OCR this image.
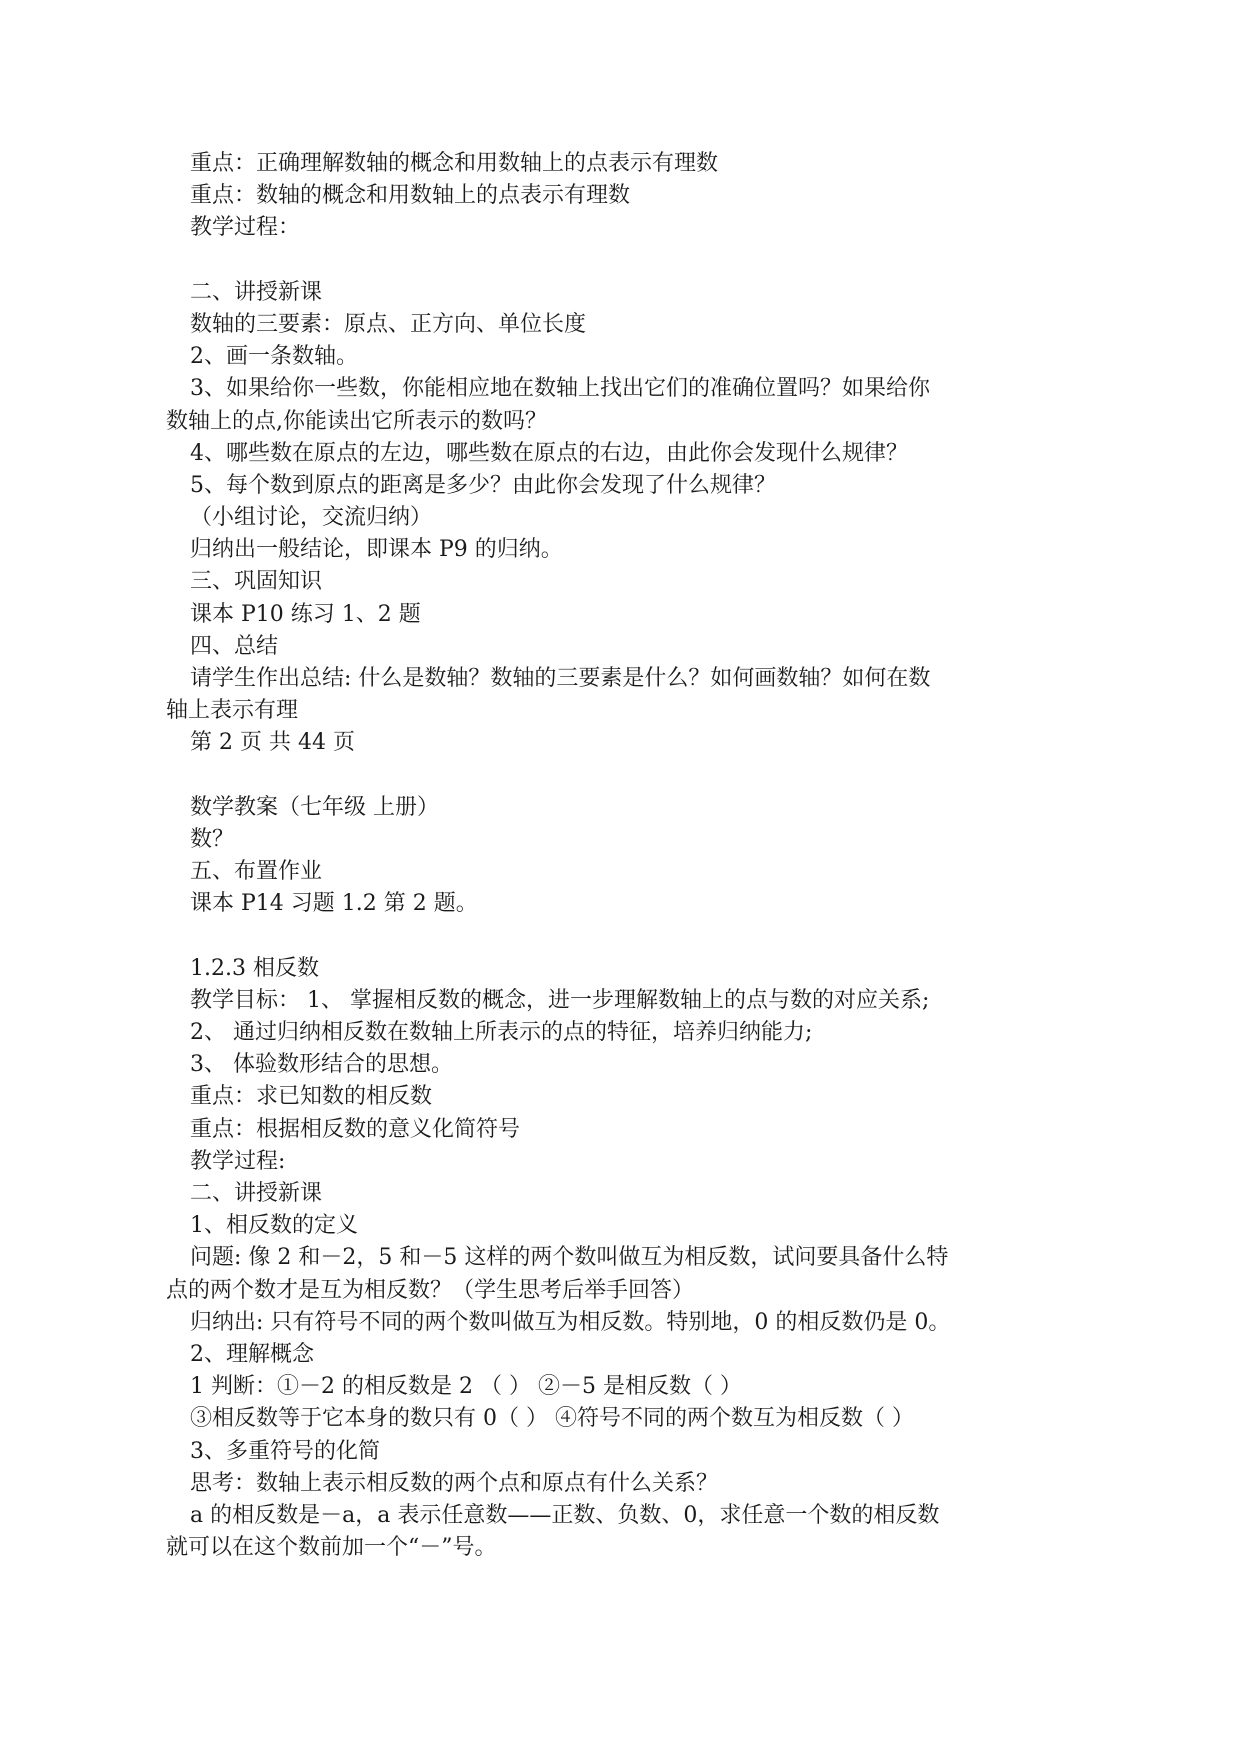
重点：正确理解数轴的概念和用数轴上的点表示有理数
重点：数轴的概念和用数轴上的点表示有理数
教学过程：
二、讲授新课
数轴的三要素：原点、正方向、单位长度
2、画一条数轴。
3、如果给你一些数，你能相应地在数轴上找出它们的准确位置吗？如果给你
数轴上的点,你能读出它所表示的数吗？
4、哪些数在原点的左边，哪些数在原点的右边，由此你会发现什么规律？
5、每个数到原点的距离是多少？由此你会发现了什么规律？
（小组讨论，交流归纳）
归纳出一般结论，即课本 P9 的归纳。
三、巩固知识
课本 P10 练习 1、2 题
四、总结
请学生作出总结: 什么是数轴？数轴的三要素是什么？如何画数轴？如何在数
轴上表示有理
第 2 页 共 44 页
数学教案（七年级 上册）
数？
五、布置作业
课本 P14 习题 1.2 第 2 题。
1.2.3 相反数
教学目标： 1、 掌握相反数的概念，进一步理解数轴上的点与数的对应关系;
2、 通过归纳相反数在数轴上所表示的点的特征，培养归纳能力;
3、 体验数形结合的思想。
重点：求已知数的相反数
重点：根据相反数的意义化简符号
教学过程:
二、讲授新课
1、相反数的定义
问题: 像 2 和－2，5 和－5 这样的两个数叫做互为相反数，试问要具备什么特
点的两个数才是互为相反数？（学生思考后举手回答）
归纳出: 只有符号不同的两个数叫做互为相反数。特别地，0 的相反数仍是 0。
2、理解概念
1 判断：①－2 的相反数是 2 （ ） ②－5 是相反数（ ）
③相反数等于它本身的数只有 0（ ） ④符号不同的两个数互为相反数（ ）
3、多重符号的化简
思考：数轴上表示相反数的两个点和原点有什么关系？
a 的相反数是－a，a 表示任意数——正数、负数、0，求任意一个数的相反数
就可以在这个数前加一个“－”号。
